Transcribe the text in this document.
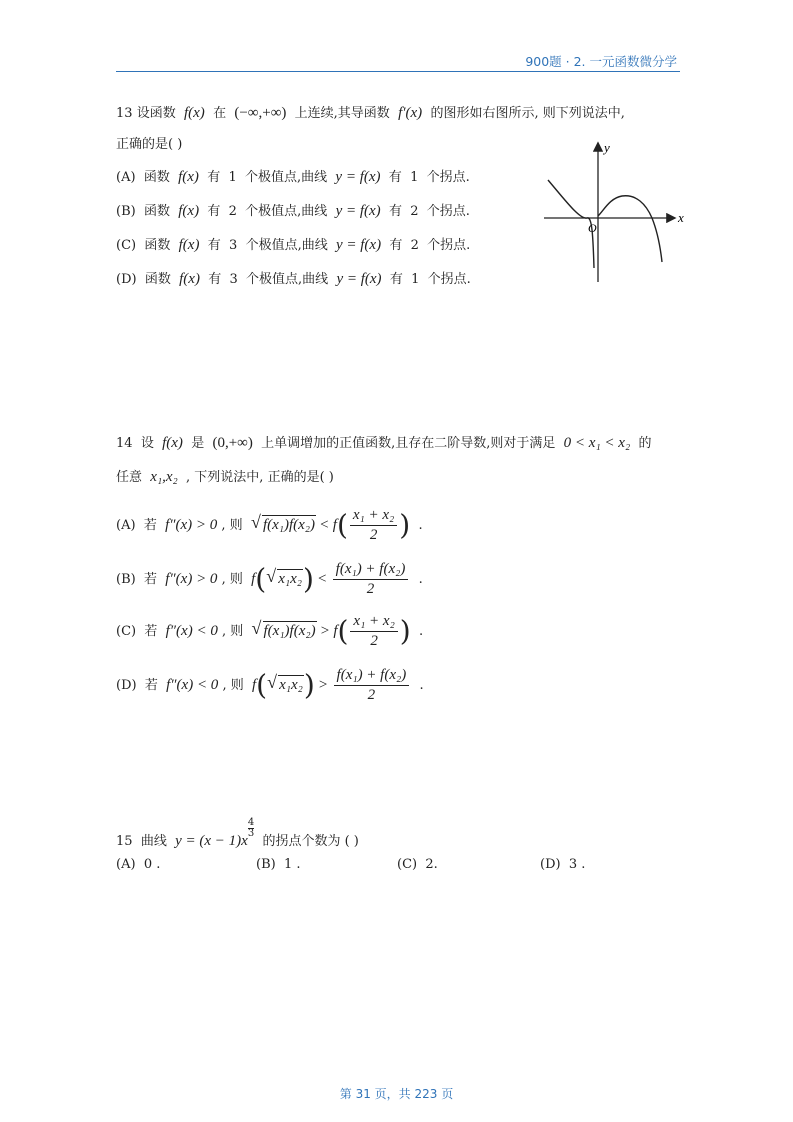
900题 · 2. 一元函数微分学
13 设函数 f(x) 在 (−∞,+∞) 上连续,其导函数 f′(x) 的图形如右图所示, 则下列说法中,
正确的是( )
(A) 函数 f(x) 有 1 个极值点,曲线 y = f(x) 有 1 个拐点.
(B) 函数 f(x) 有 2 个极值点,曲线 y = f(x) 有 2 个拐点.
(C) 函数 f(x) 有 3 个极值点,曲线 y = f(x) 有 2 个拐点.
(D) 函数 f(x) 有 3 个极值点,曲线 y = f(x) 有 1 个拐点.
x
y
O
14 设 f(x) 是 (0,+∞) 上单调增加的正值函数,且存在二阶导数,则对于满足 0 < x₁ < x₂ 的
任意 x₁,x₂ , 下列说法中, 正确的是( )
(A) 若 f″(x) > 0 , 则 √ $f(x_1)f(x_2) < f( \frac{\text{x₁ + x₂}}{2}$ )  .
(B) 若 f″(x) > 0 , 则 f( √ $x_1x_2) < \frac{\text{f(x₁) + f(x₂)}}{2}$ .
(C) 若 f″(x) < 0 , 则 √ $f(x_1)f(x_2) > f( \frac{\text{x₁ + x₂}}{2}$ )  .
(D) 若 f″(x) < 0 , 则 f( √ $x_1x_2) > \frac{\text{f(x₁) + f(x₂)}}{2}$ .
15 曲线 y = (x − 1)x
$\frac{4}{3}$
的拐点个数为 ( )
(A) 0 .	(B) 1 .	(C) 2.	(D) 3 .
第 31 页，共 223 页
